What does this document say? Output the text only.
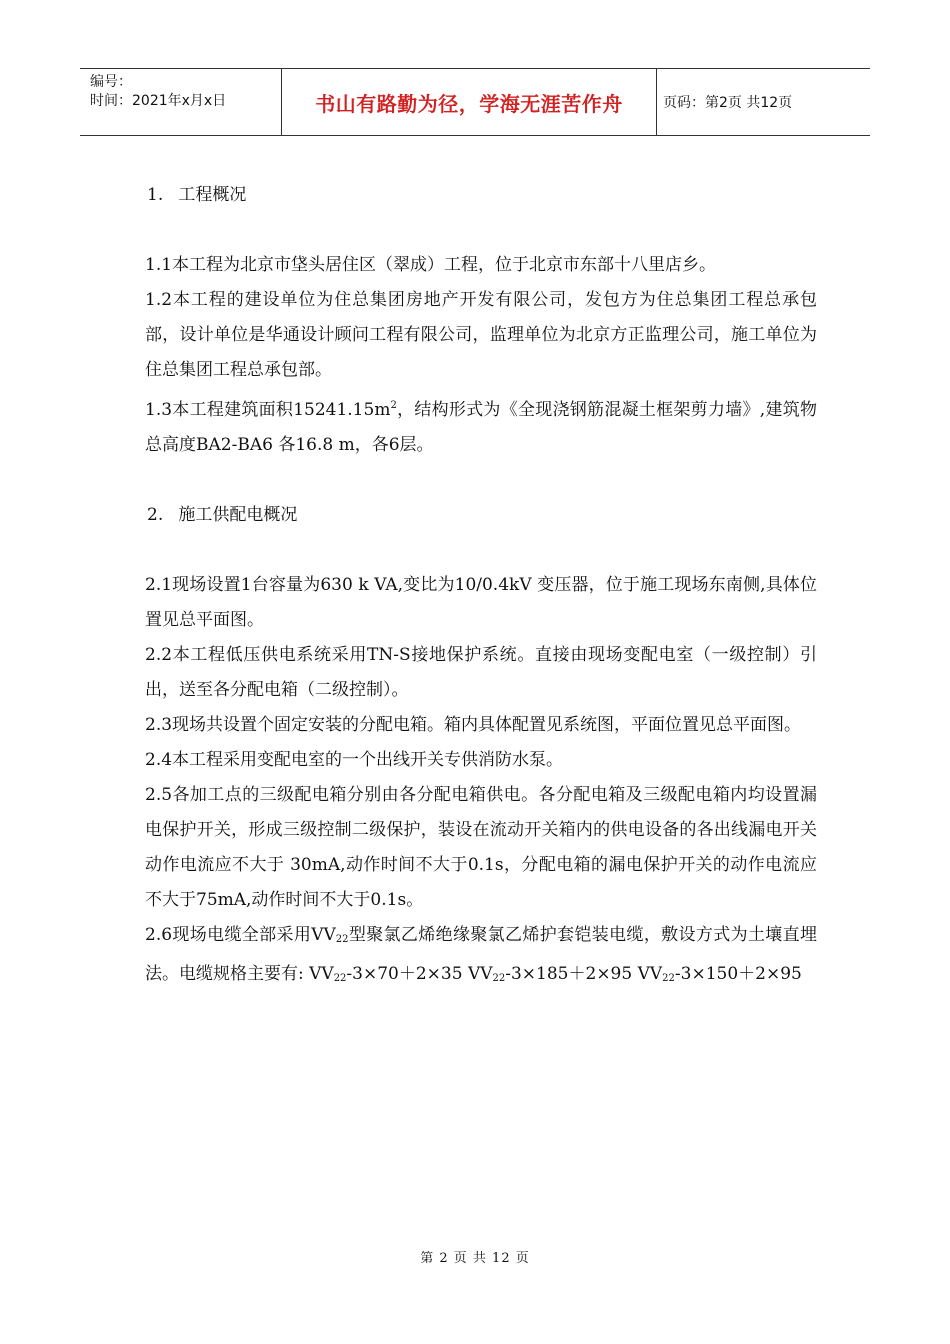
编号：
时间：2021年x月x日	书山有路勤为径，学海无涯苦作舟	页码：第2页 共12页
1. 工程概况

1.1本工程为北京市垡头居住区（翠成）工程，位于北京市东部十八里店乡。

1.2本工程的建设单位为住总集团房地产开发有限公司，发包方为住总集团工程总承包部，设计单位是华通设计顾问工程有限公司，监理单位为北京方正监理公司，施工单位为住总集团工程总承包部。

1.3本工程建筑面积$15241.15m^2$，结构形式为《全现浇钢筋混凝土框架剪力墙》,建筑物总高度BA2-BA6 各16.8 m，各6层。

2. 施工供配电概况

2.1现场设置1台容量为630 k VA,变比为10/0.4kV 变压器，位于施工现场东南侧,具体位置见总平面图。

2.2本工程低压供电系统采用TN-S接地保护系统。直接由现场变配电室（一级控制）引出，送至各分配电箱（二级控制）。

2.3现场共设置个固定安装的分配电箱。箱内具体配置见系统图，平面位置见总平面图。

2.4本工程采用变配电室的一个出线开关专供消防水泵。

2.5各加工点的三级配电箱分别由各分配电箱供电。各分配电箱及三级配电箱内均设置漏电保护开关，形成三级控制二级保护，装设在流动开关箱内的供电设备的各出线漏电开关动作电流应不大于 30mA,动作时间不大于0.1s，分配电箱的漏电保护开关的动作电流应不大于75mA,动作时间不大于0.1s。

2.6现场电缆全部采用$VV_{22}$型聚氯乙烯绝缘聚氯乙烯护套铠装电缆，敷设方式为土壤直埋法。电缆规格主要有: $VV_{22}-3\times 70+2\times 35$ $VV_{22}-3\times 185+2\times 95$ $VV_{22}-3\times 150+2\times 95$

第 2 页 共 12 页
